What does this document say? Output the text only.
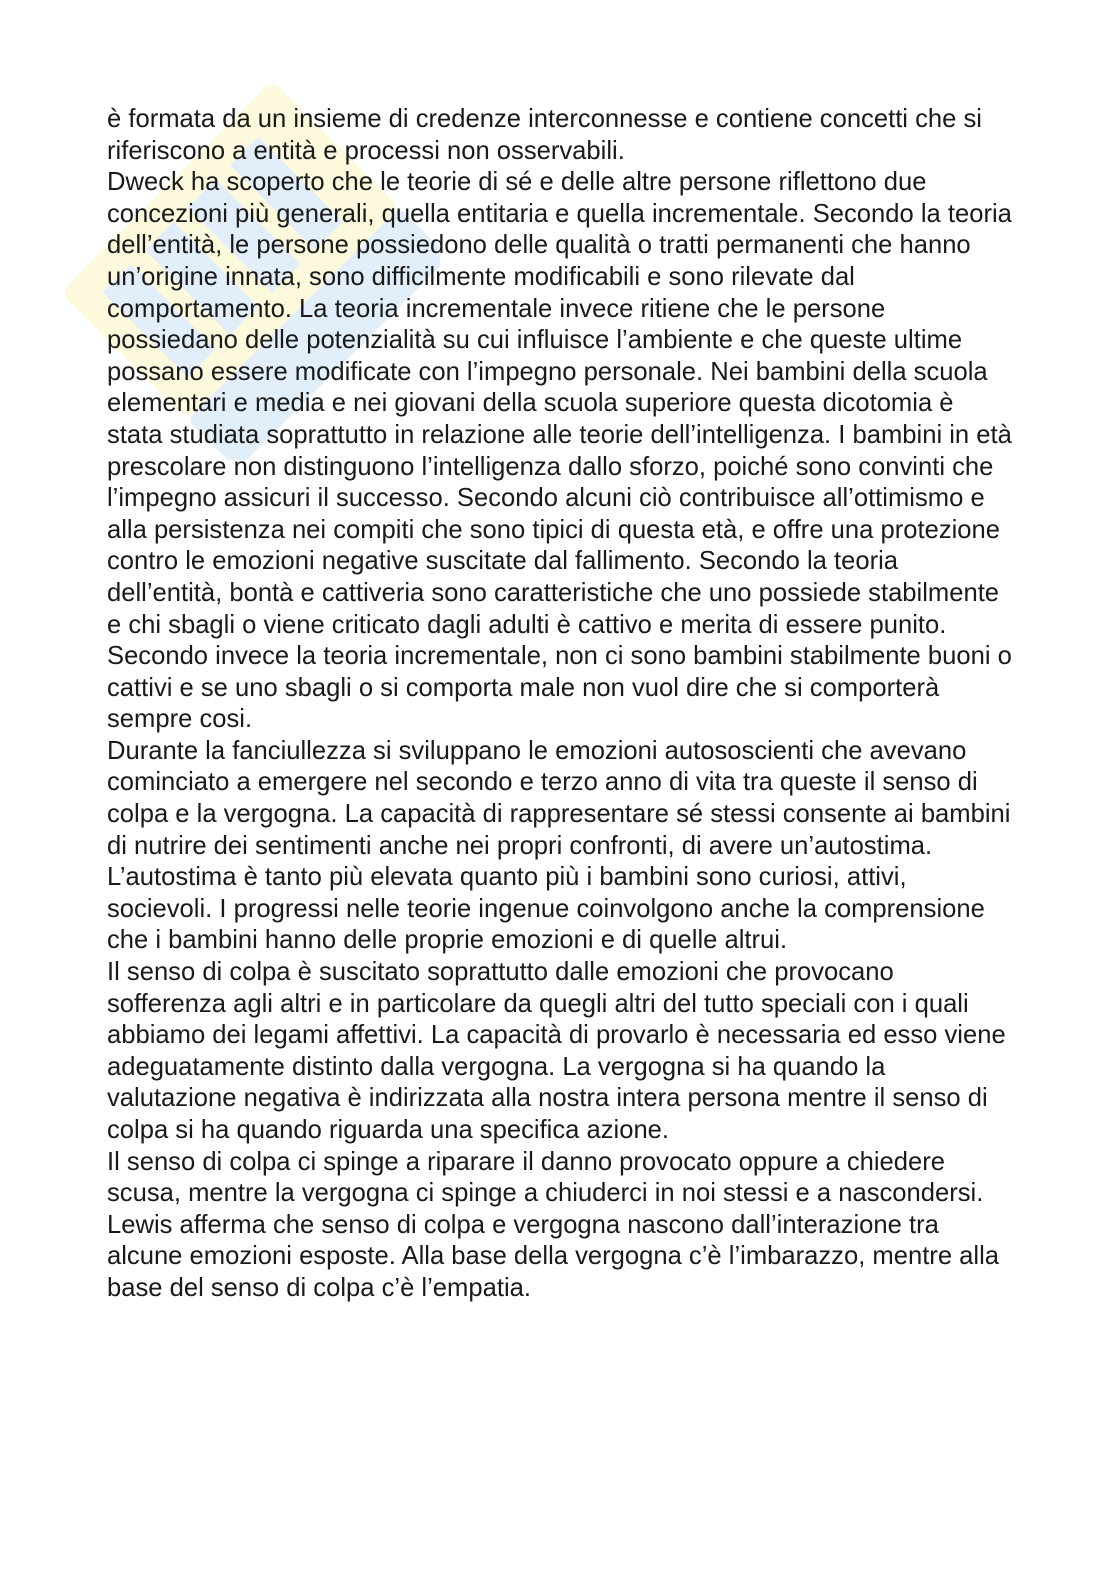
è formata da un insieme di credenze interconnesse e contiene concetti che si riferiscono a entità e processi non osservabili.

Dweck ha scoperto che le teorie di sé e delle altre persone riflettono due concezioni più generali, quella entitaria e quella incrementale. Secondo la teoria dell’entità, le persone possiedono delle qualità o tratti permanenti che hanno un’origine innata, sono difficilmente modificabili e sono rilevate dal comportamento. La teoria incrementale invece ritiene che le persone possiedano delle potenzialità su cui influisce l’ambiente e che queste ultime possano essere modificate con l’impegno personale. Nei bambini della scuola elementari e media e nei giovani della scuola superiore questa dicotomia è stata studiata soprattutto in relazione alle teorie dell’intelligenza. I bambini in età prescolare non distinguono l’intelligenza dallo sforzo, poiché sono convinti che l’impegno assicuri il successo. Secondo alcuni ciò contribuisce all’ottimismo e alla persistenza nei compiti che sono tipici di questa età, e offre una protezione contro le emozioni negative suscitate dal fallimento. Secondo la teoria dell’entità, bontà e cattiveria sono caratteristiche che uno possiede stabilmente e chi sbagli o viene criticato dagli adulti è cattivo e merita di essere punito. Secondo invece la teoria incrementale, non ci sono bambini stabilmente buoni o cattivi e se uno sbagli o si comporta male non vuol dire che si comporterà sempre cosi.

Durante la fanciullezza si sviluppano le emozioni autososcienti che avevano cominciato a emergere nel secondo e terzo anno di vita tra queste il senso di colpa e la vergogna. La capacità di rappresentare sé stessi consente ai bambini di nutrire dei sentimenti anche nei propri confronti, di avere un’autostima. L’autostima è tanto più elevata quanto più i bambini sono curiosi, attivi, socievoli. I progressi nelle teorie ingenue coinvolgono anche la comprensione che i bambini hanno delle proprie emozioni e di quelle altrui.

Il senso di colpa è suscitato soprattutto dalle emozioni che provocano sofferenza agli altri e in particolare da quegli altri del tutto speciali con i quali abbiamo dei legami affettivi. La capacità di provarlo è necessaria ed esso viene adeguatamente distinto dalla vergogna. La vergogna si ha quando la valutazione negativa è indirizzata alla nostra intera persona mentre il senso di colpa si ha quando riguarda una specifica azione.

Il senso di colpa ci spinge a riparare il danno provocato oppure a chiedere scusa, mentre la vergogna ci spinge a chiuderci in noi stessi e a nascondersi. Lewis afferma che senso di colpa e vergogna nascono dall’interazione tra alcune emozioni esposte. Alla base della vergogna c’è l’imbarazzo, mentre alla base del senso di colpa c’è l’empatia.
